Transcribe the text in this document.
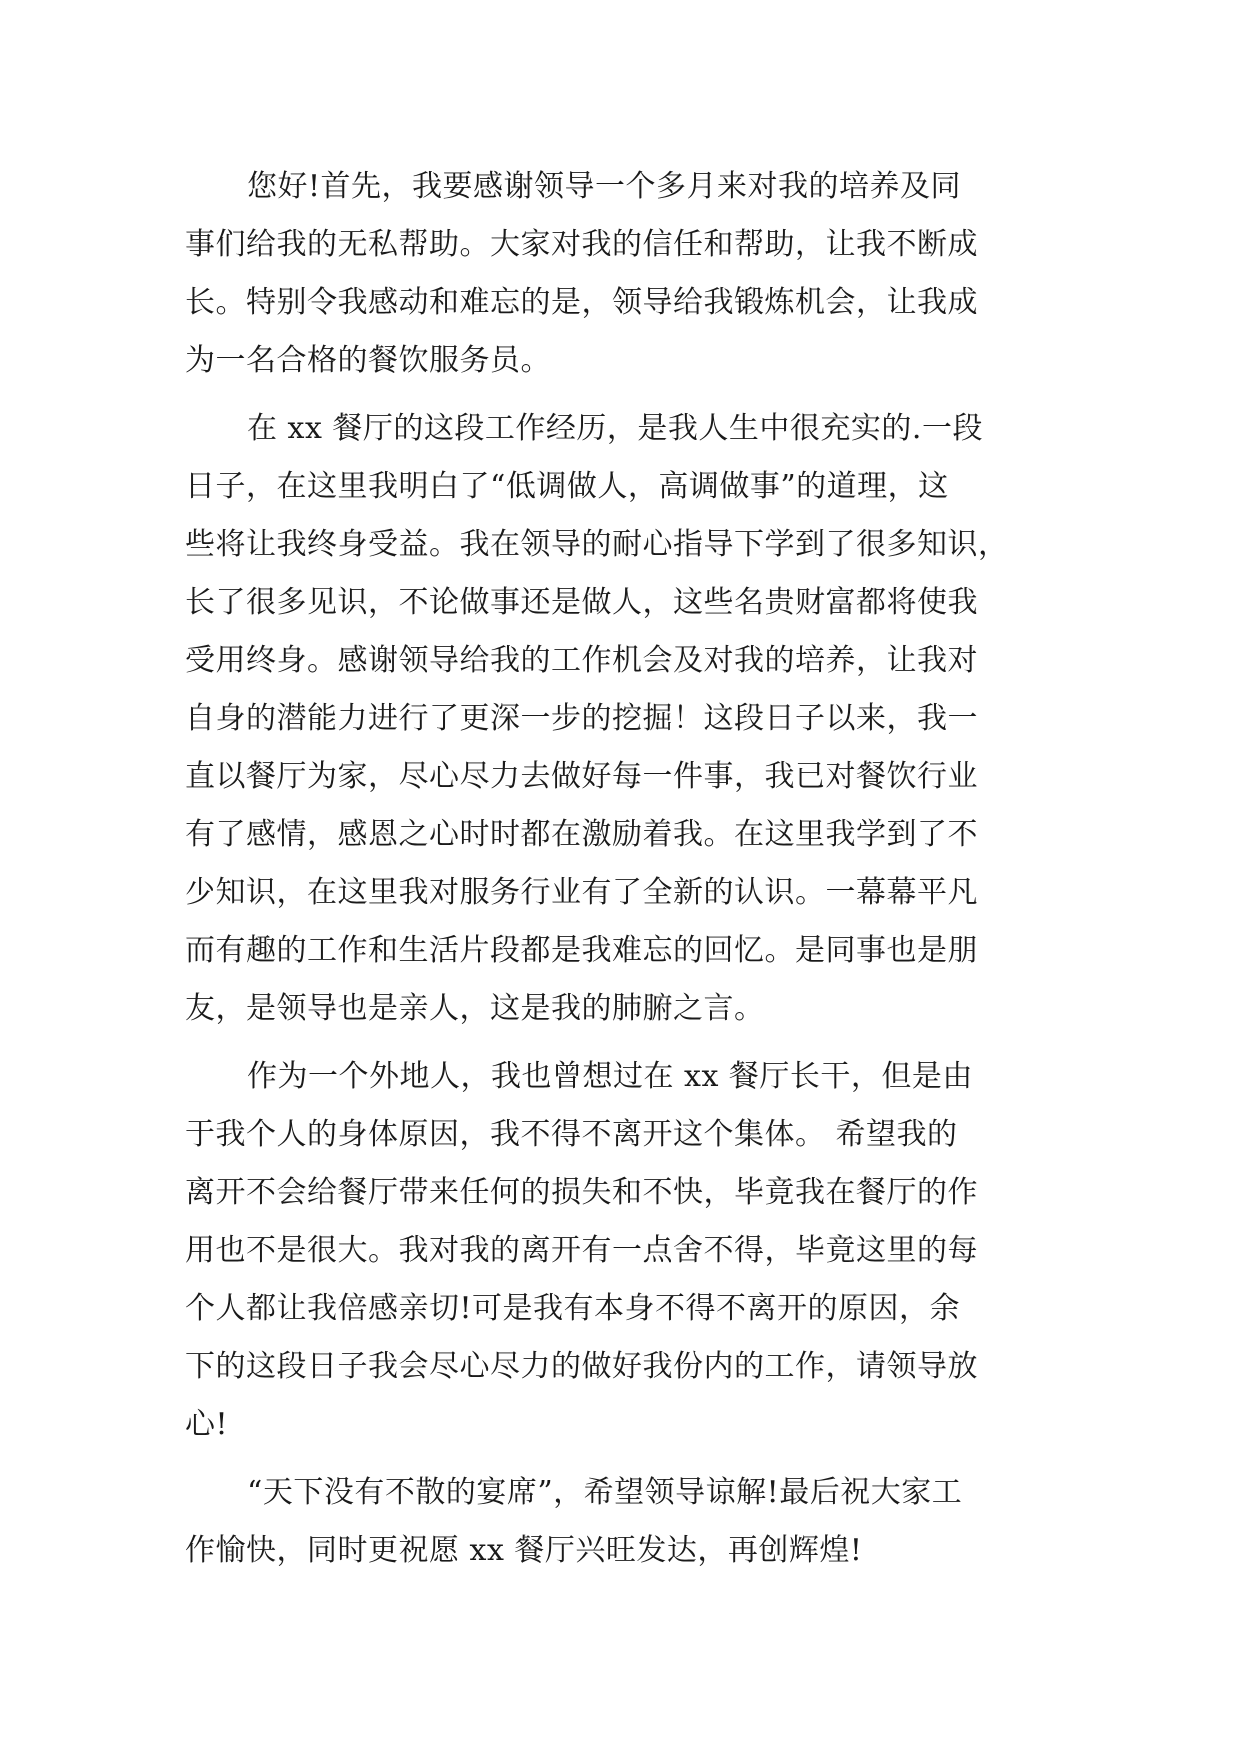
您好!首先，我要感谢领导一个多月来对我的培养及同
事们给我的无私帮助。大家对我的信任和帮助，让我不断成
长。特别令我感动和难忘的是，领导给我锻炼机会，让我成
为一名合格的餐饮服务员。
在 xx 餐厅的这段工作经历，是我人生中很充实的.一段
日子，在这里我明白了“低调做人，高调做事”的道理，这
些将让我终身受益。我在领导的耐心指导下学到了很多知识，
长了很多见识，不论做事还是做人，这些名贵财富都将使我
受用终身。感谢领导给我的工作机会及对我的培养，让我对
自身的潜能力进行了更深一步的挖掘！这段日子以来，我一
直以餐厅为家，尽心尽力去做好每一件事，我已对餐饮行业
有了感情，感恩之心时时都在激励着我。在这里我学到了不
少知识，在这里我对服务行业有了全新的认识。一幕幕平凡
而有趣的工作和生活片段都是我难忘的回忆。是同事也是朋
友，是领导也是亲人，这是我的肺腑之言。
作为一个外地人，我也曾想过在 xx 餐厅长干，但是由
于我个人的身体原因，我不得不离开这个集体。 希望我的
离开不会给餐厅带来任何的损失和不快，毕竟我在餐厅的作
用也不是很大。我对我的离开有一点舍不得，毕竟这里的每
个人都让我倍感亲切!可是我有本身不得不离开的原因，余
下的这段日子我会尽心尽力的做好我份内的工作，请领导放
心!
“天下没有不散的宴席”，希望领导谅解!最后祝大家工
作愉快，同时更祝愿 xx 餐厅兴旺发达，再创辉煌!
